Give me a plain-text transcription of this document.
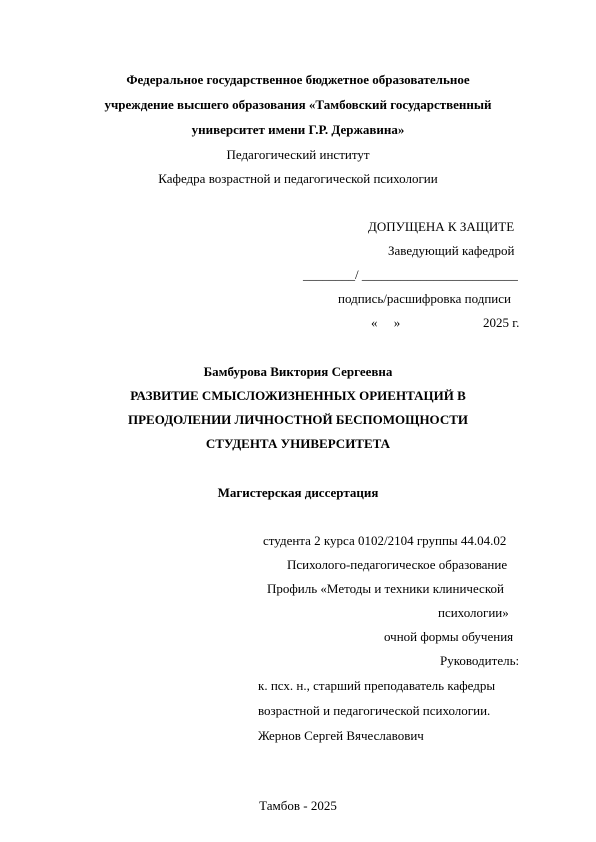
Федеральное государственное бюджетное образовательное
учреждение высшего образования «Тамбовский государственный
университет имени Г.Р. Державина»
Педагогический институт
Кафедра возрастной и педагогической психологии
ДОПУЩЕНА К ЗАЩИТЕ
Заведующий кафедрой
________/ ________________________
подпись/расшифровка подписи
«     »	2025 г.
Бамбурова Виктория Сергеевна
РАЗВИТИЕ СМЫСЛОЖИЗНЕННЫХ ОРИЕНТАЦИЙ В
ПРЕОДОЛЕНИИ ЛИЧНОСТНОЙ БЕСПОМОЩНОСТИ
СТУДЕНТА УНИВЕРСИТЕТА
Магистерская диссертация
студента 2 курса 0102/2104 группы 44.04.02
Психолого-педагогическое образование
Профиль «Методы и техники клинической
психологии»
очной формы обучения
Руководитель:
к. псх. н., старший преподаватель кафедры
возрастной и педагогической психологии.
Жернов Сергей Вячеславович
Тамбов - 2025
